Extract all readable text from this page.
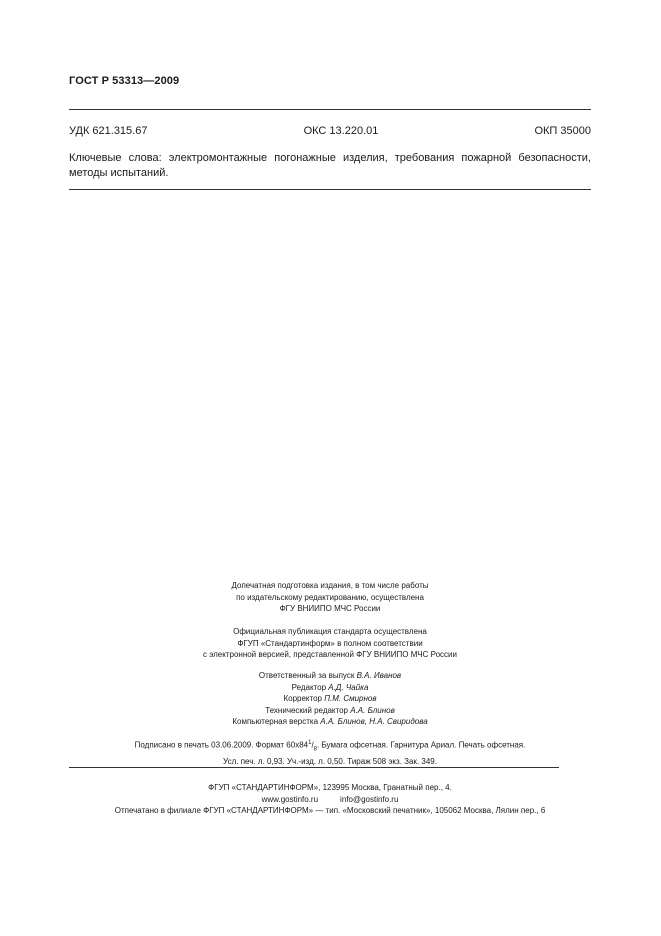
ГОСТ Р 53313—2009
УДК 621.315.67	ОКС 13.220.01	ОКП 35000
Ключевые слова: электромонтажные погонажные изделия, требования пожарной безопасности, методы испытаний.

Допечатная подготовка издания, в том числе работы

по издательскому редактированию, осуществлена

ФГУ ВНИИПО МЧС России

Официальная публикация стандарта осуществлена

ФГУП «Стандартинформ» в полном соответствии

с электронной версией, представленной ФГУ ВНИИПО МЧС России

Ответственный за выпуск В.А. Иванов

Редактор А.Д. Чайка

Корректор П.М. Смирнов

Технический редактор А.А. Блинов

Компьютерная верстка А.А. Блинов, Н.А. Свиридова

Подписано в печать 03.06.2009. Формат $60х84^1/_8$. Бумага офсетная. Гарнитура Ариал. Печать офсетная.

Усл. печ. л. 0,93. Уч.-изд. л. 0,50. Тираж 508 экз. Зак. 349.

ФГУП «СТАНДАРТИНФОРМ», 123995 Москва, Гранатный пер., 4.

www.gostinfo.ru	info@gostinfo.ru

Отпечатано в филиале ФГУП «СТАНДАРТИНФОРМ» — тип. «Московский печатник», 105062 Москва, Лялин пер., 6
